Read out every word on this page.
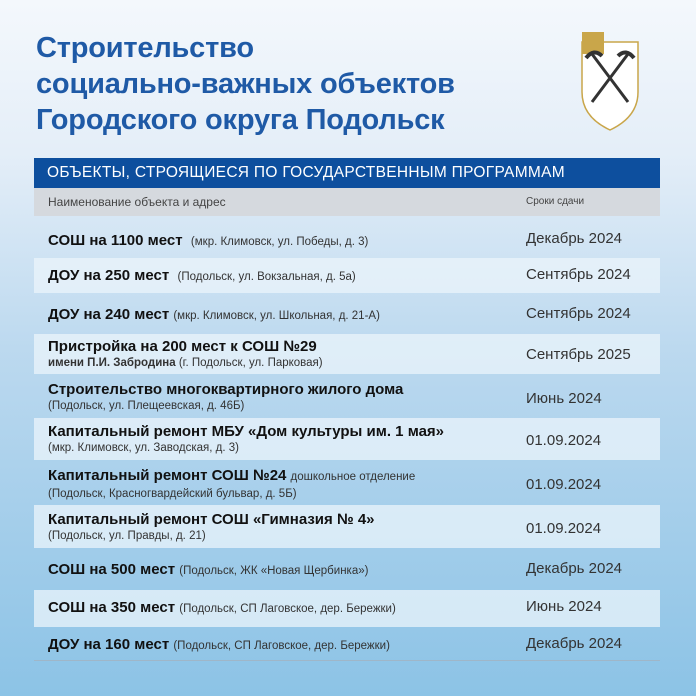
Строительство
социально-важных объектов
Городского округа Подольск
ОБЪЕКТЫ, СТРОЯЩИЕСЯ ПО ГОСУДАРСТВЕННЫМ ПРОГРАММАМ
Наименование объекта и адрес	Сроки сдачи
СОШ на 1100 мест (мкр. Климовск, ул. Победы, д. 3)	Декабрь 2024
ДОУ на 250 мест (Подольск, ул. Вокзальная, д. 5а)	Сентябрь 2024
ДОУ на 240 мест (мкр. Климовск, ул. Школьная, д. 21-А)	Сентябрь 2024
Пристройка на 200 мест к СОШ №29
имени П.И. Забродина (г. Подольск, ул. Парковая)	Сентябрь 2025
Строительство многоквартирного жилого дома
(Подольск, ул. Плещеевская, д. 46Б)	Июнь 2024
Капитальный ремонт МБУ «Дом культуры им. 1 мая»
(мкр. Климовск, ул. Заводская, д. 3)	01.09.2024
Капитальный ремонт СОШ №24 дошкольное отделение
(Подольск, Красногвардейский бульвар, д. 5Б)
01.09.2024
Капитальный ремонт СОШ «Гимназия № 4»
(Подольск, ул. Правды, д. 21)	01.09.2024
СОШ на 500 мест (Подольск, ЖК «Новая Щербинка»)	Декабрь 2024
СОШ на 350 мест (Подольск, СП Лаговское, дер. Бережки)	Июнь 2024
ДОУ на 160 мест (Подольск, СП Лаговское, дер. Бережки)	Декабрь 2024
